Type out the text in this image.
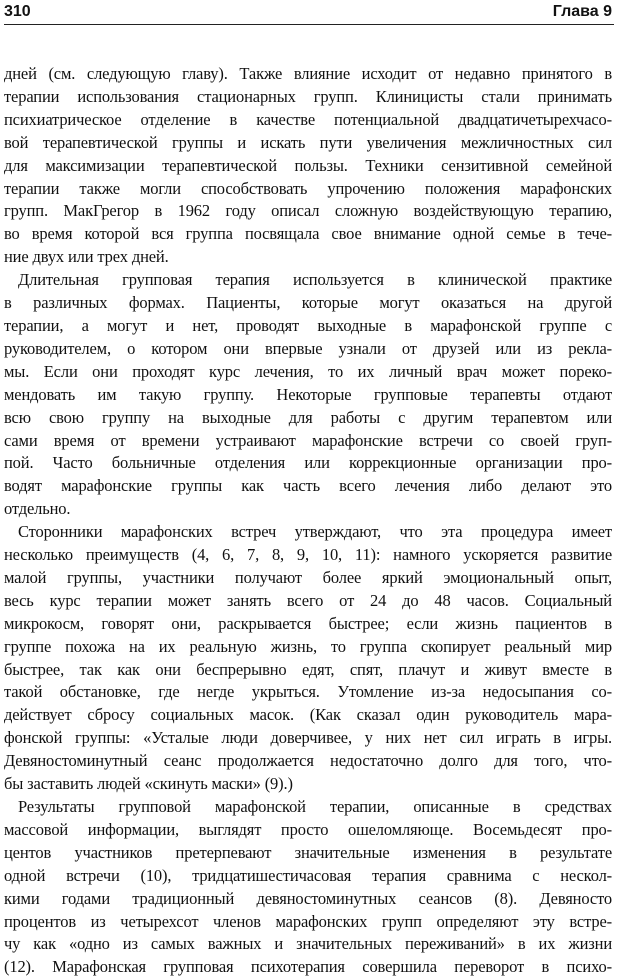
310	Глава 9
дней (см. следующую главу). Также влияние исходит от недавно принятого в
терапии использования стационарных групп. Клиницисты стали принимать
психиатрическое отделение в качестве потенциальной двадцатичетырехчасо-
вой терапевтической группы и искать пути увеличения межличностных сил
для максимизации терапевтической пользы. Техники сензитивной семейной
терапии также могли способствовать упрочению положения марафонских
групп. МакГрегор в 1962 году описал сложную воздействующую терапию,
во время которой вся группа посвящала свое внимание одной семье в тече-
ние двух или трех дней.
Длительная групповая терапия используется в клинической практике
в различных формах. Пациенты, которые могут оказаться на другой
терапии, а могут и нет, проводят выходные в марафонской группе с
руководителем, о котором они впервые узнали от друзей или из рекла-
мы. Если они проходят курс лечения, то их личный врач может пореко-
мендовать им такую группу. Некоторые групповые терапевты отдают
всю свою группу на выходные для работы с другим терапевтом или
сами время от времени устраивают марафонские встречи со своей груп-
пой. Часто больничные отделения или коррекционные организации про-
водят марафонские группы как часть всего лечения либо делают это
отдельно.
Сторонники марафонских встреч утверждают, что эта процедура имеет
несколько преимуществ (4, 6, 7, 8, 9, 10, 11): намного ускоряется развитие
малой группы, участники получают более яркий эмоциональный опыт,
весь курс терапии может занять всего от 24 до 48 часов. Социальный
микрокосм, говорят они, раскрывается быстрее; если жизнь пациентов в
группе похожа на их реальную жизнь, то группа скопирует реальный мир
быстрее, так как они беспрерывно едят, спят, плачут и живут вместе в
такой обстановке, где негде укрыться. Утомление из-за недосыпания со-
действует сбросу социальных масок. (Как сказал один руководитель мара-
фонской группы: «Усталые люди доверчивее, у них нет сил играть в игры.
Девяностоминутный сеанс продолжается недостаточно долго для того, что-
бы заставить людей «скинуть маски» (9).)
Результаты групповой марафонской терапии, описанные в средствах
массовой информации, выглядят просто ошеломляюще. Восемьдесят про-
центов участников претерпевают значительные изменения в результате
одной встречи (10), тридцатишестичасовая терапия сравнима с нескол-
кими годами традиционный девяностоминутных сеансов (8). Девяносто
процентов из четырехсот членов марафонских групп определяют эту встре-
чу как «одно из самых важных и значительных переживаний» в их жизни
(12). Марафонская групповая психотерапия совершила переворот в психо-
